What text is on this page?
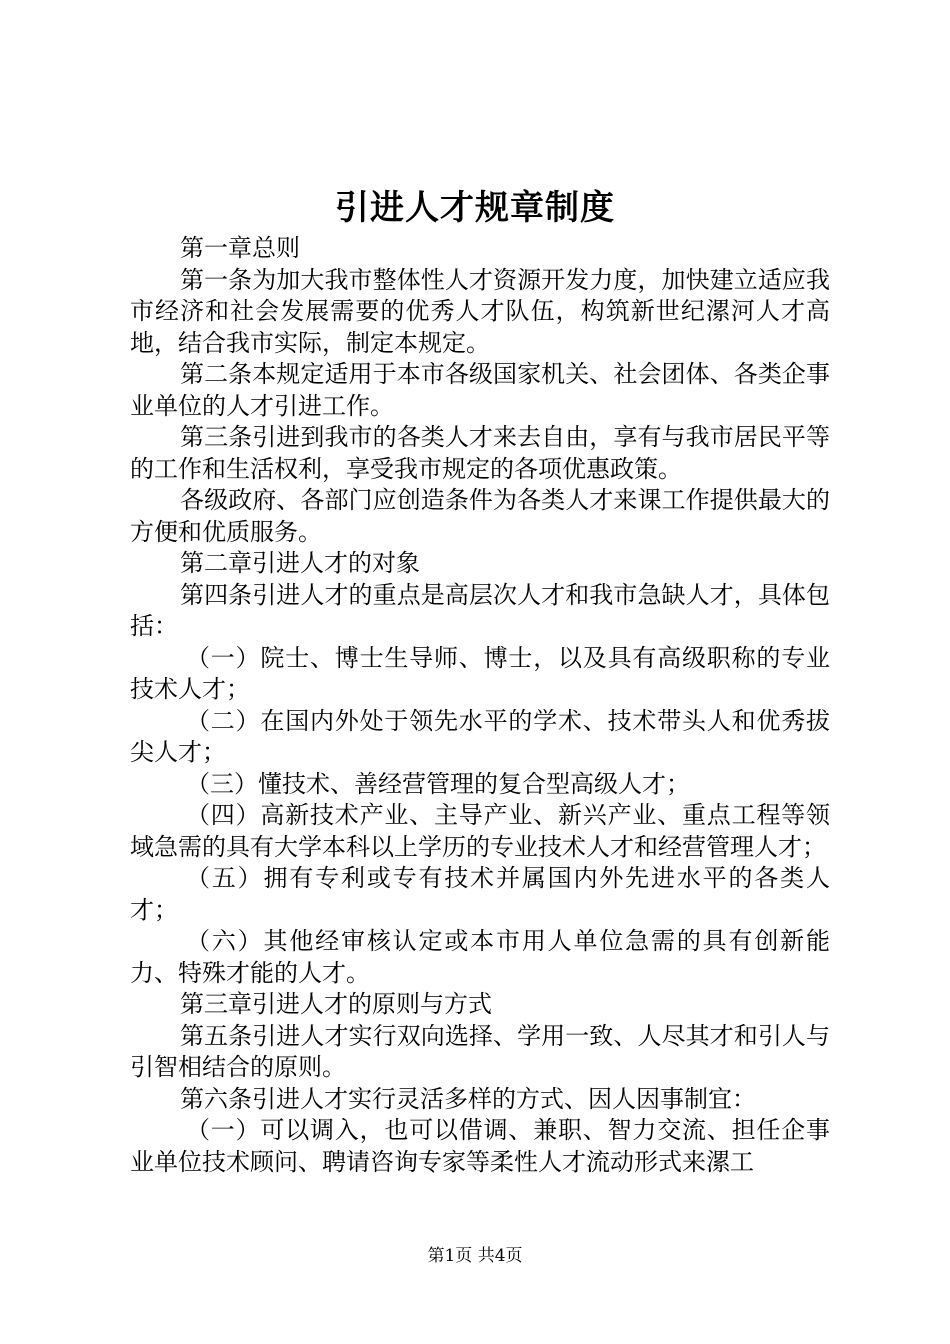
引进人才规章制度

第一章总则

第一条为加大我市整体性人才资源开发力度，加快建立适应我市经济和社会发展需要的优秀人才队伍，构筑新世纪漯河人才高地，结合我市实际，制定本规定。

第二条本规定适用于本市各级国家机关、社会团体、各类企事业单位的人才引进工作。

第三条引进到我市的各类人才来去自由，享有与我市居民平等的工作和生活权利，享受我市规定的各项优惠政策。

各级政府、各部门应创造条件为各类人才来课工作提供最大的方便和优质服务。

第二章引进人才的对象

第四条引进人才的重点是高层次人才和我市急缺人才，具体包括：

（一）院士、博士生导师、博士，以及具有高级职称的专业技术人才；

（二）在国内外处于领先水平的学术、技术带头人和优秀拔尖人才；

（三）懂技术、善经营管理的复合型高级人才；

（四）高新技术产业、主导产业、新兴产业、重点工程等领域急需的具有大学本科以上学历的专业技术人才和经营管理人才；

（五）拥有专利或专有技术并属国内外先进水平的各类人才；

（六）其他经审核认定或本市用人单位急需的具有创新能力、特殊才能的人才。

第三章引进人才的原则与方式

第五条引进人才实行双向选择、学用一致、人尽其才和引人与引智相结合的原则。

第六条引进人才实行灵活多样的方式、因人因事制宜：

（一）可以调入，也可以借调、兼职、智力交流、担任企事业单位技术顾问、聘请咨询专家等柔性人才流动形式来漯工

第1页 共4页
